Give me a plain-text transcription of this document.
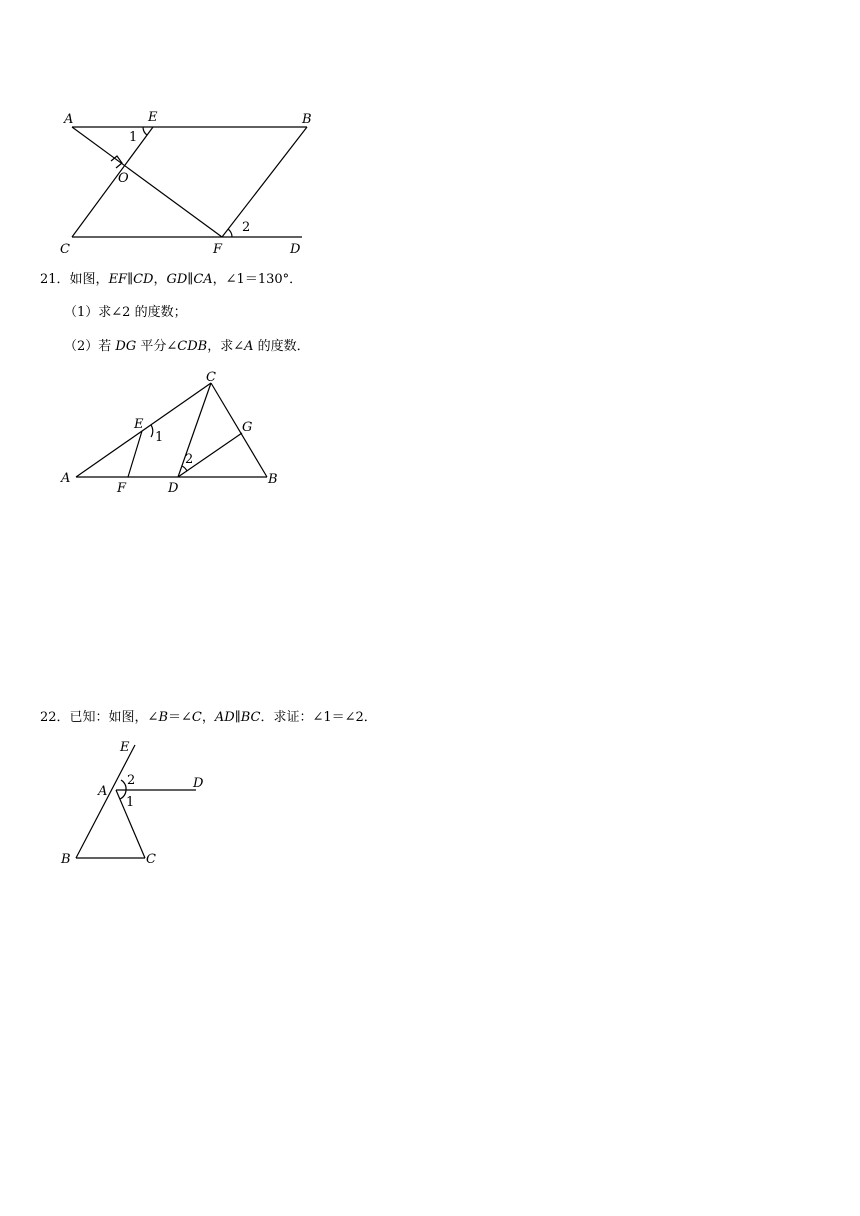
A	E	B
O
C	F	D
1
2
21．如图，EF∥CD，GD∥CA，∠1＝130°．
（1）求∠2 的度数；
（2）若 DG 平分∠CDB，求∠A 的度数．
C
E	G
A
F	D
B
1
2
22．已知：如图，∠B＝∠C，AD∥BC．求证：∠1＝∠2．
E
A
D
B	C
2
1
